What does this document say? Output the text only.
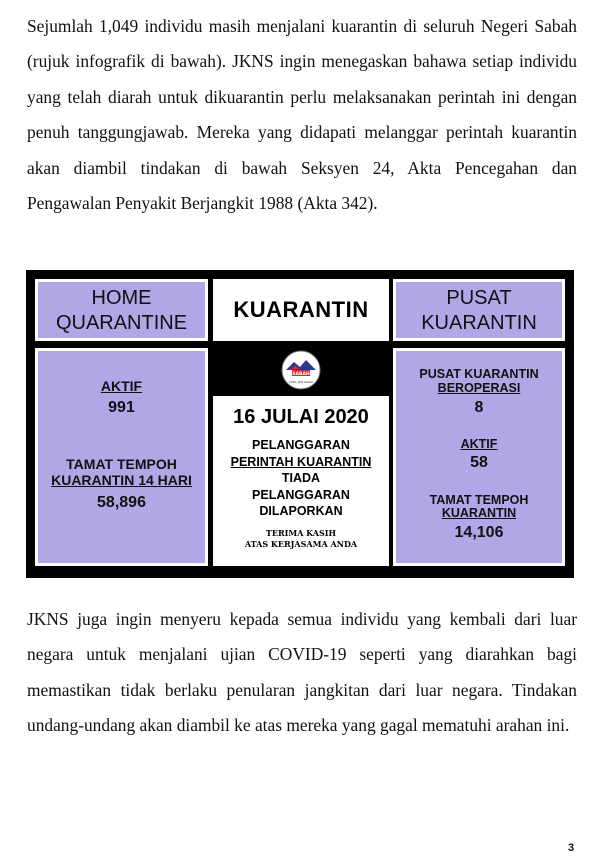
Sejumlah 1,049 individu masih menjalani kuarantin di seluruh Negeri Sabah (rujuk infografik di bawah). JKNS ingin menegaskan bahawa setiap individu yang telah diarah untuk dikuarantin perlu melaksanakan perintah ini dengan penuh tanggungjawab. Mereka yang didapati melanggar perintah kuarantin akan diambil tindakan di bawah Seksyen 24, Akta Pencegahan dan Pengawalan Penyakit Berjangkit 1988 (Akta 342).

HOME
QUARANTINE
KUARANTIN	PUSAT
KUARANTIN
AKTIF
991
TAMAT TEMPOH
KUARANTIN 14 HARI
58,896
SABAH
CPRC JKN Sabah
16 JULAI 2020
PELANGGARAN
PERINTAH KUARANTIN
TIADA
PELANGGARAN
DILAPORKAN
TERIMA KASIH
ATAS KERJASAMA ANDA
PUSAT KUARANTIN
BEROPERASI
8
AKTIF
58
TAMAT TEMPOH
KUARANTIN
14,106

JKNS juga ingin menyeru kepada semua individu yang kembali dari luar negara untuk menjalani ujian COVID-19 seperti yang diarahkan bagi memastikan tidak berlaku penularan jangkitan dari luar negara. Tindakan undang-undang akan diambil ke atas mereka yang gagal mematuhi arahan ini.

3
